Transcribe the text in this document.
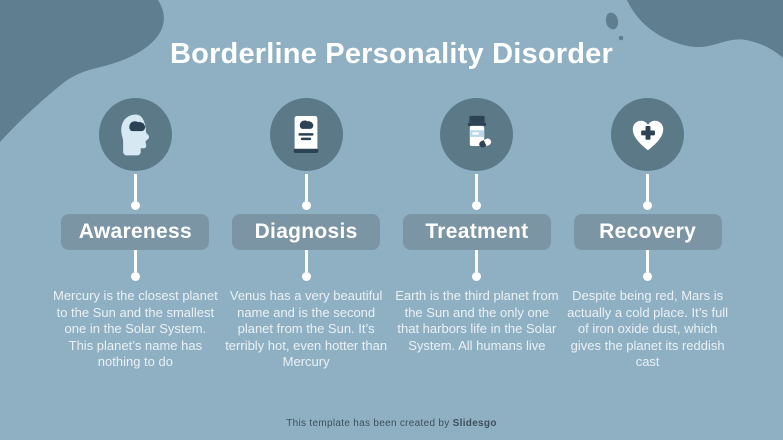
Borderline Personality Disorder
Awareness
Mercury is the closest planet to the Sun and the smallest one in the Solar System. This planet’s name has nothing to do
Diagnosis
Venus has a very beautiful name and is the second planet from the Sun. It’s terribly hot, even hotter than Mercury
Treatment
Earth is the third planet from the Sun and the only one that harbors life in the Solar System. All humans live
Recovery
Despite being red, Mars is actually a cold place. It’s full of iron oxide dust, which gives the planet its reddish cast
This template has been created by Slidesgo
